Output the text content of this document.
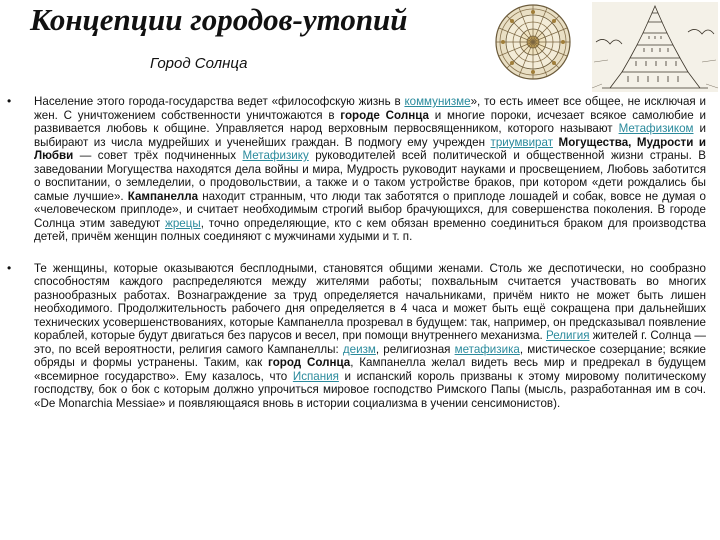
Концепции городов-утопий
Город Солнца
• Население этого города-государства ведет «философскую жизнь в коммунизме», то есть имеет все общее, не исключая и жен. С уничтожением собственности уничтожаются в городе Солнца и многие пороки, исчезает всякое самолюбие и развивается любовь к общине. Управляется народ верховным первосвященником, которого называют Метафизиком и выбирают из числа мудрейших и ученейших граждан. В подмогу ему учрежден триумвират Могущества, Мудрости и Любви — совет трёх подчиненных Метафизику руководителей всей политической и общественной жизни страны. В заведовании Могущества находятся дела войны и мира, Мудрость руководит науками и просвещением, Любовь заботится о воспитании, о земледелии, о продовольствии, а также и о таком устройстве браков, при котором «дети рождались бы самые лучшие». Кампанелла находит странным, что люди так заботятся о приплоде лошадей и собак, вовсе не думая о «человеческом приплоде», и считает необходимым строгий выбор брачующихся, для совершенства поколения. В городе Солнца этим заведуют жрецы, точно определяющие, кто с кем обязан временно соединиться браком для производства детей, причём женщин полных соединяют с мужчинами худыми и т. п.
• Те женщины, которые оказываются бесплодными, становятся общими женами. Столь же деспотически, но сообразно способностям каждого распределяются между жителями работы; похвальным считается участвовать во многих разнообразных работах. Вознаграждение за труд определяется начальниками, причём никто не может быть лишен необходимого. Продолжительность рабочего дня определяется в 4 часа и может быть ещё сокращена при дальнейших технических усовершенствованиях, которые Кампанелла прозревал в будущем: так, например, он предсказывал появление кораблей, которые будут двигаться без парусов и весел, при помощи внутреннего механизма. Религия жителей г. Солнца — это, по всей вероятности, религия самого Кампанеллы: деизм, религиозная метафизика, мистическое созерцание; всякие обряды и формы устранены. Таким, как город Солнца, Кампанелла желал видеть весь мир и предрекал в будущем «всемирное государство». Ему казалось, что Испания и испанский король призваны к этому мировому политическому господству, бок о бок с которым должно упрочиться мировое господство Римского Папы (мысль, разработанная им в соч. «De Monarchia Messiae» и появляющаяся вновь в истории социализма в учении сенсимонистов).
